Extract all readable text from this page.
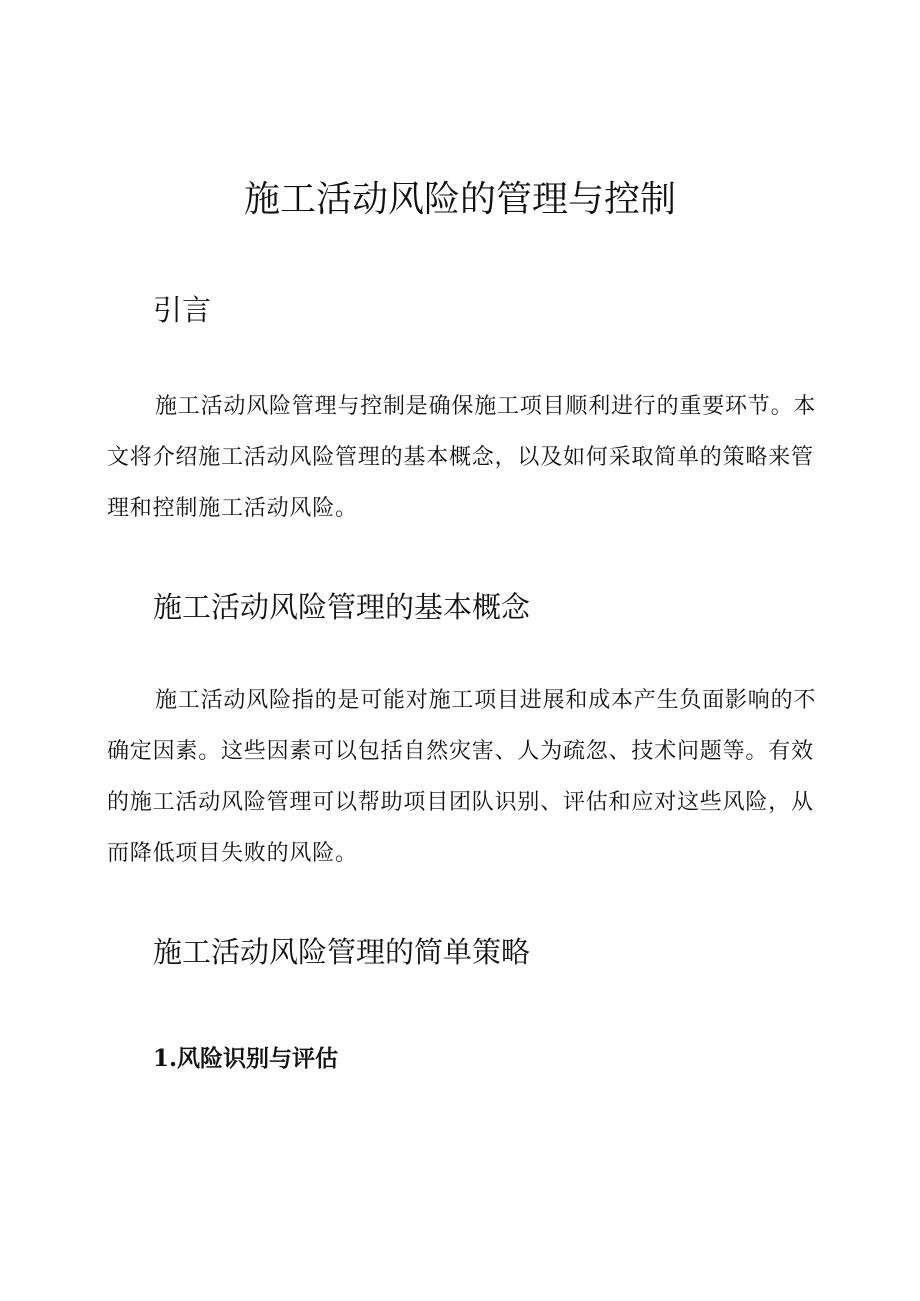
施工活动风险的管理与控制
引言

施工活动风险管理与控制是确保施工项目顺利进行的重要环节。本文将介绍施工活动风险管理的基本概念，以及如何采取简单的策略来管理和控制施工活动风险。

施工活动风险管理的基本概念

施工活动风险指的是可能对施工项目进展和成本产生负面影响的不确定因素。这些因素可以包括自然灾害、人为疏忽、技术问题等。有效的施工活动风险管理可以帮助项目团队识别、评估和应对这些风险，从而降低项目失败的风险。

施工活动风险管理的简单策略
1.风险识别与评估
